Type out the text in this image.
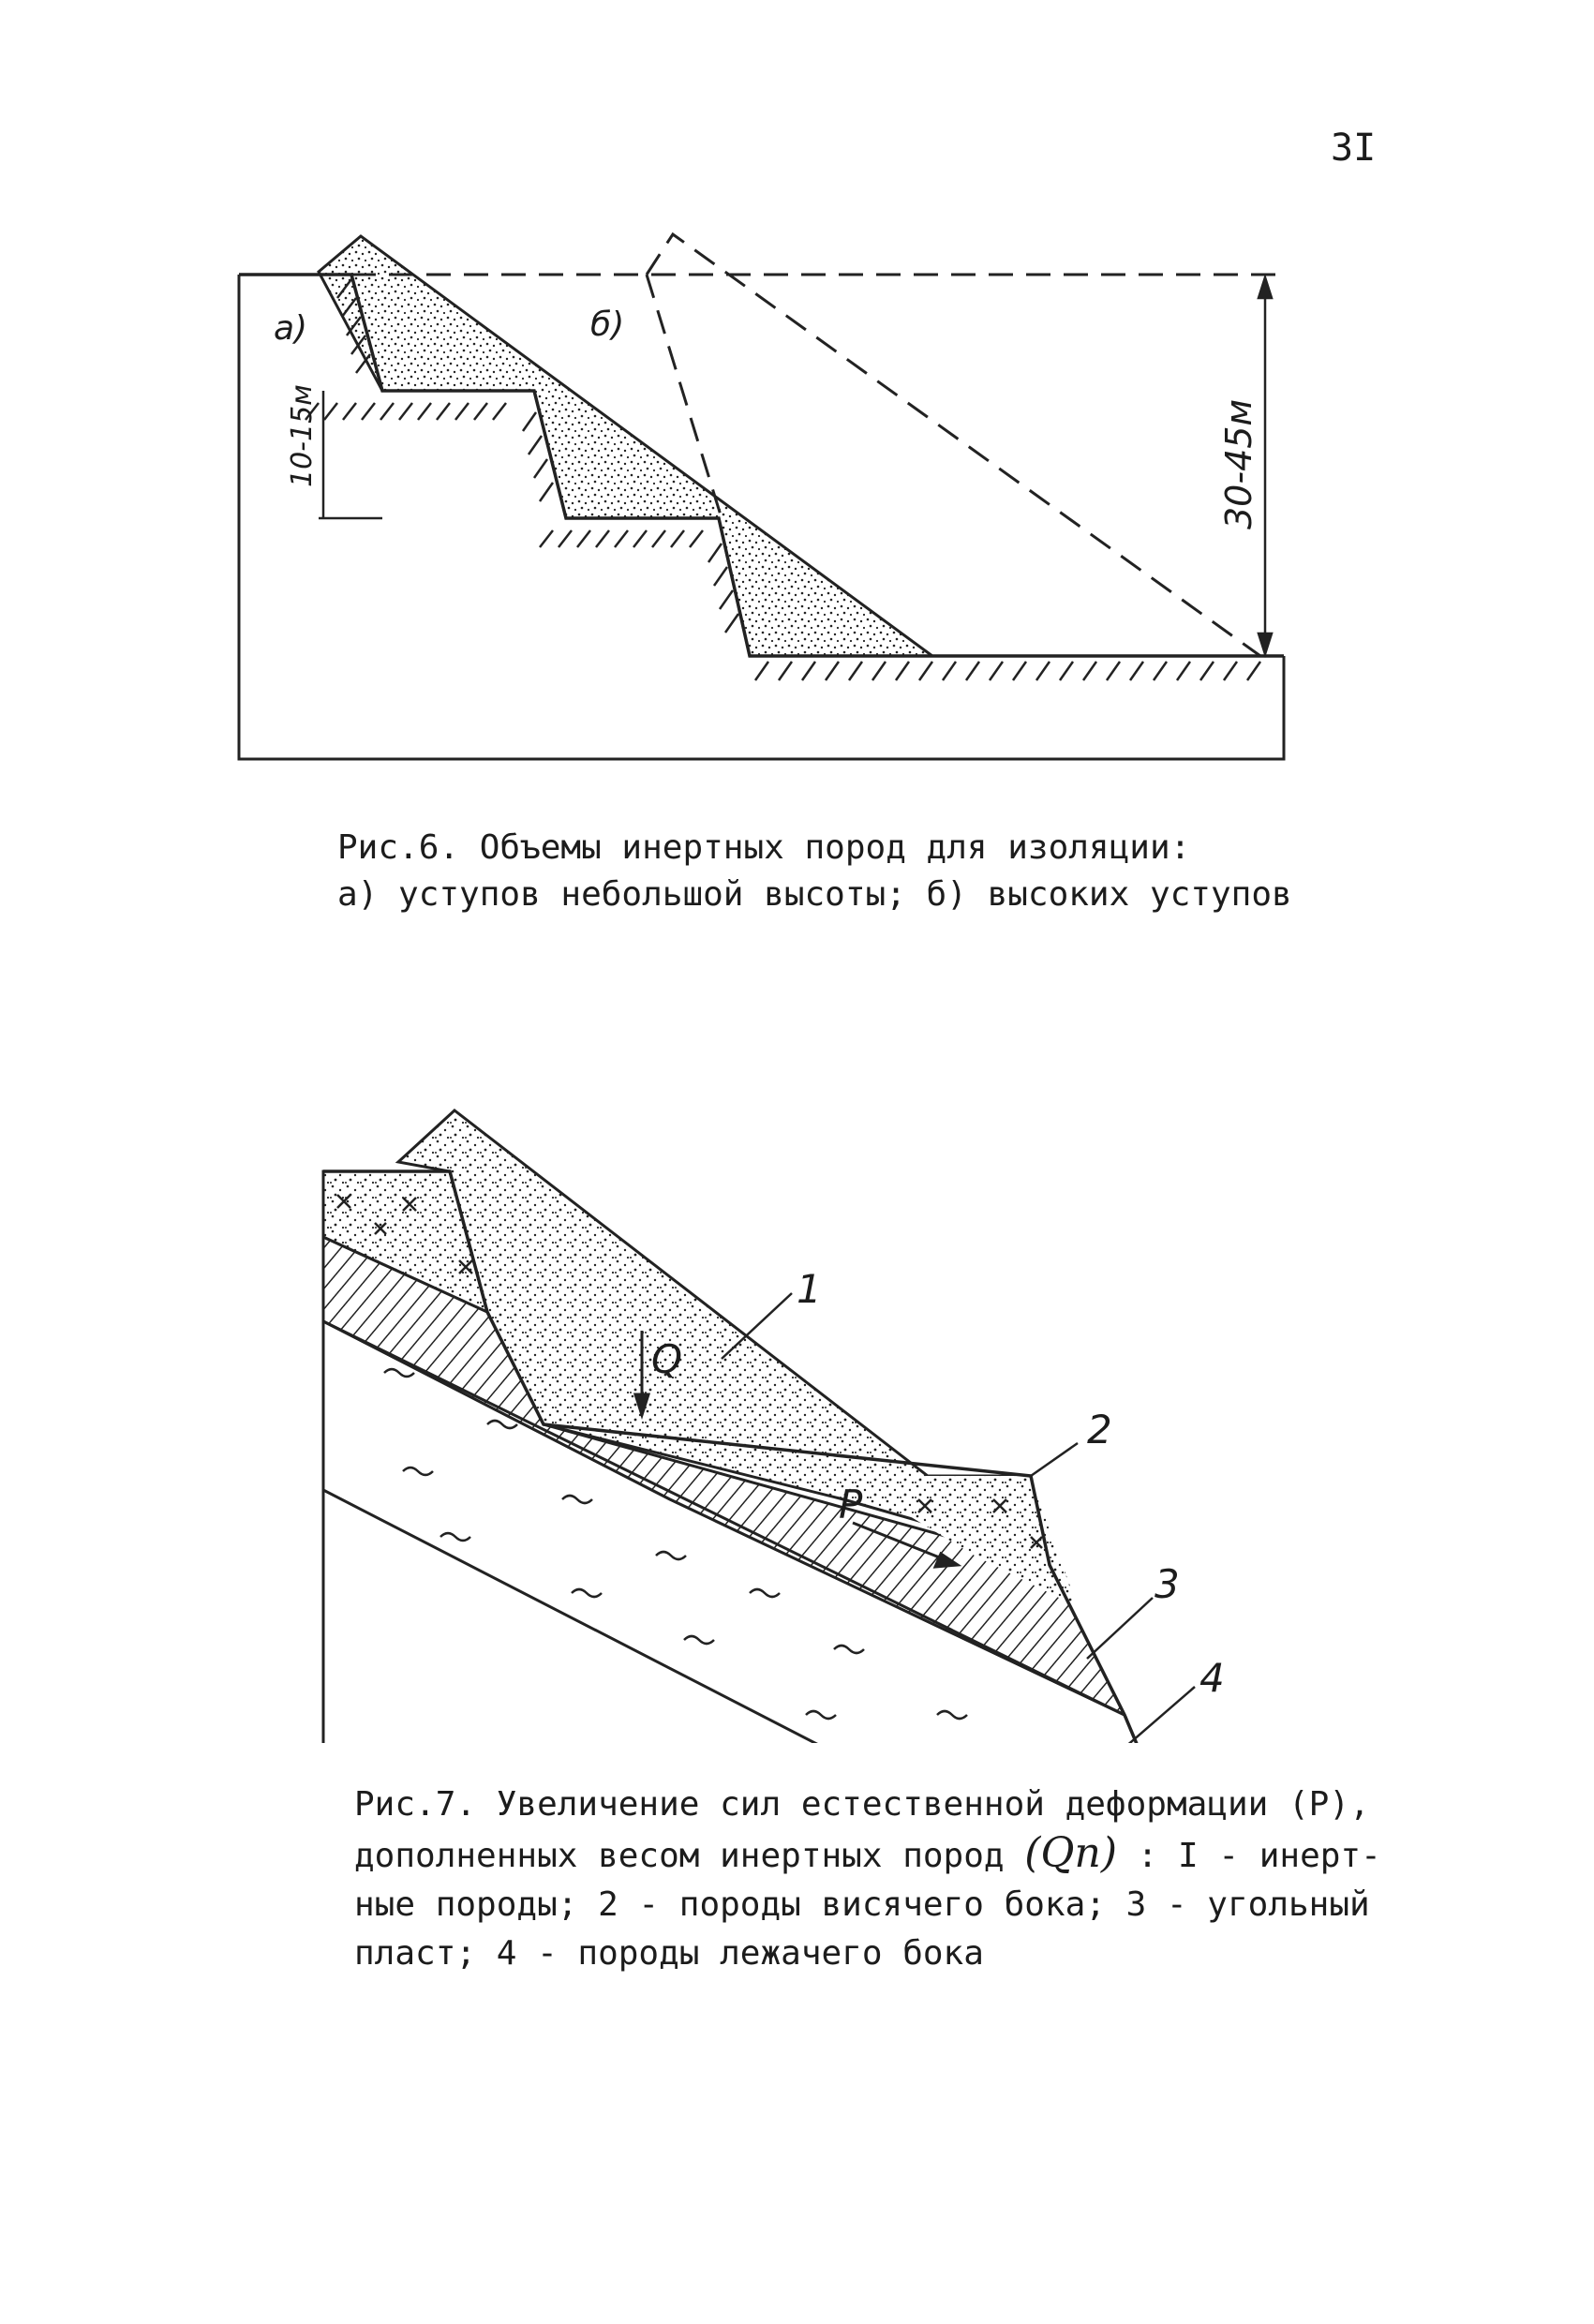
3I
10-15м	30-45м
а)	б)
Рис.6. Объемы инертных пород для изоляции:
а) уступов небольшой высоты; б) высоких уступов
Q
P
1
2
3
4
Рис.7. Увеличение сил естественной деформации (Р),
дополненных весом инертных пород (Qп) : I - инерт-
ные породы; 2 - породы висячего бока; 3 - угольный
пласт; 4 - породы лежачего бока
